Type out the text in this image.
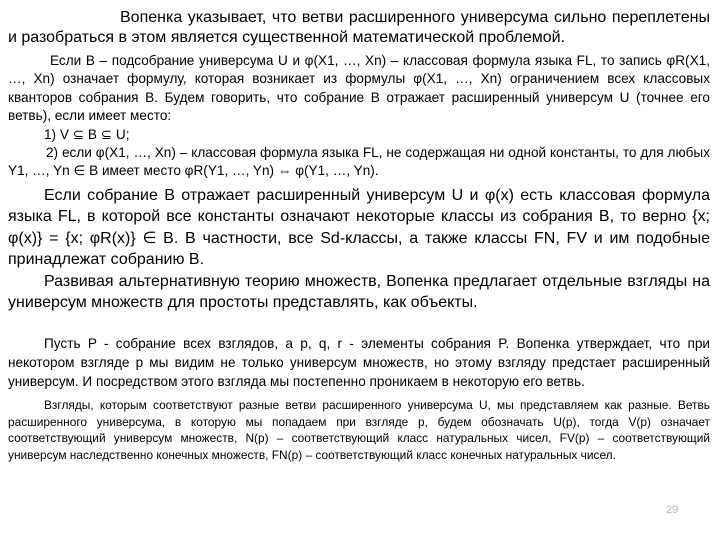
Вопенка указывает, что ветви расширенного универсума сильно переплетены и разобраться в этом является существенной математической проблемой.

Если B – подсобрание универсума U и φ(X1, …, Xn) – классовая формула языка FL, то запись φR(X1, …, Xn) означает формулу, которая возникает из формулы φ(X1, …, Xn) ограничением всех классовых кванторов собрания B. Будем говорить, что собрание B отражает расширенный универсум U (точнее его ветвь), если имеет место:

1) V ⊆ B ⊆ U;

2) если φ(X1, …, Xn) – классовая формула языка FL, не содержащая ни одной константы, то для любых Y1, …, Yn ∈ B имеет место φR(Y1, …, Yn) ⇔ φ(Y1, …, Yn).

Если собрание B отражает расширенный универсум U и φ(x) есть классовая формула языка FL, в которой все константы означают некоторые классы из собрания B, то верно {x; φ(x)} = {x; φR(x)} ∈ B. В частности, все Sd‑классы, а также классы FN, FV и им подобные принадлежат собранию B.

Развивая альтернативную теорию множеств, Вопенка предлагает отдельные взгляды на универсум множеств для простоты представлять, как объекты.

Пусть P ‑ собрание всех взглядов, а p, q, r ‑ элементы собрания P. Вопенка утверждает, что при некотором взгляде p мы видим не только универсум множеств, но этому взгляду предстает расширенный универсум. И посредством этого взгляда мы постепенно проникаем в некоторую его ветвь.

Взгляды, которым соответствуют разные ветви расширенного универсума U, мы представляем как разные. Ветвь расширенного универсума, в которую мы попадаем при взгляде p, будем обозначать U(p), тогда V(p) означает соответствующий универсум множеств, N(p) – соответствующий класс натуральных чисел, FV(p) – соответствующий универсум наследственно конечных множеств, FN(p) – соответствующий класс конечных натуральных чисел.

29
